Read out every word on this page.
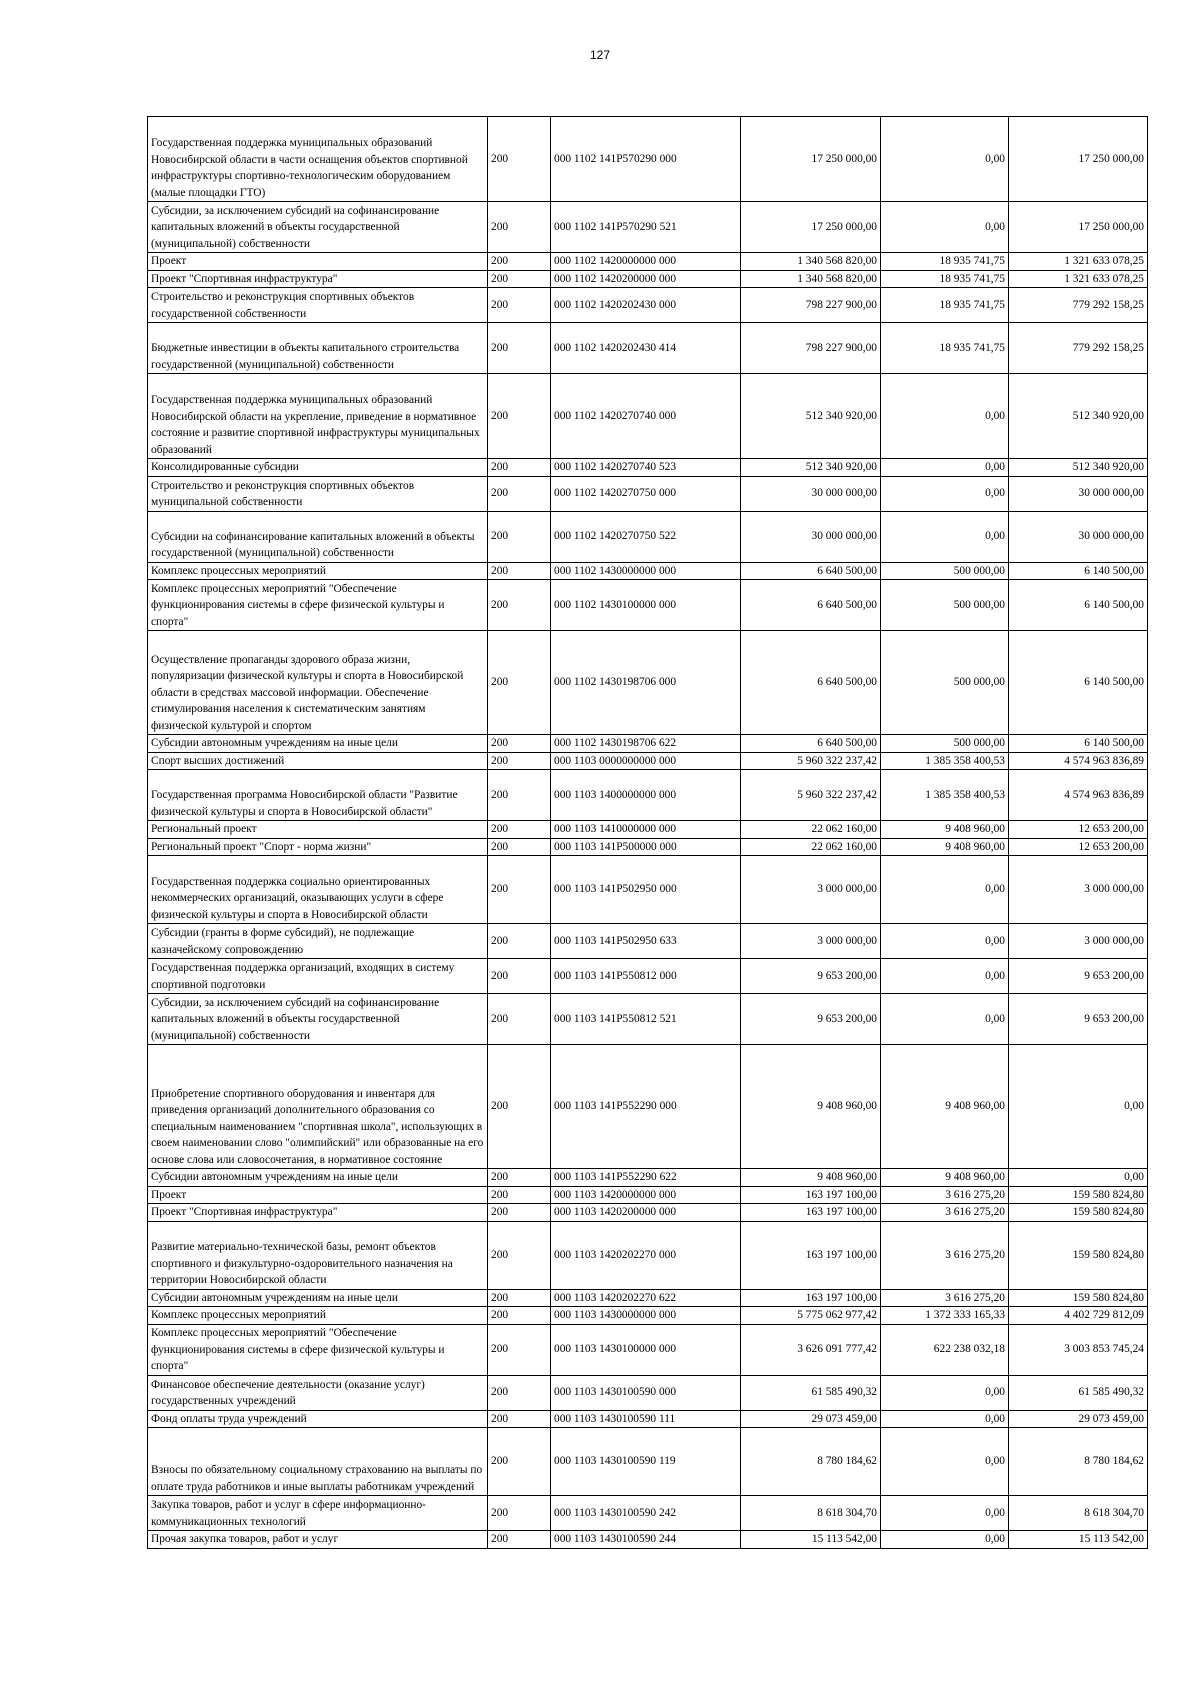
127
Государственная поддержка муниципальных образований Новосибирской области в части оснащения объектов спортивной инфраструктуры спортивно-технологическим оборудованием (малые площадки ГТО)	200	000 1102 141P570290 000	17 250 000,00	0,00	17 250 000,00
Субсидии, за исключением субсидий на софинансирование капитальных вложений в объекты государственной (муниципальной) собственности	200	000 1102 141P570290 521	17 250 000,00	0,00	17 250 000,00
Проект	200	000 1102 1420000000 000	1 340 568 820,00	18 935 741,75	1 321 633 078,25
Проект "Спортивная инфраструктура"	200	000 1102 1420200000 000	1 340 568 820,00	18 935 741,75	1 321 633 078,25
Строительство и реконструкция спортивных объектов государственной собственности	200	000 1102 1420202430 000	798 227 900,00	18 935 741,75	779 292 158,25
Бюджетные инвестиции в объекты капитального строительства государственной (муниципальной) собственности	200	000 1102 1420202430 414	798 227 900,00	18 935 741,75	779 292 158,25
Государственная поддержка муниципальных образований Новосибирской области на укрепление, приведение в нормативное состояние и развитие спортивной инфраструктуры муниципальных образований	200	000 1102 1420270740 000	512 340 920,00	0,00	512 340 920,00
Консолидированные субсидии	200	000 1102 1420270740 523	512 340 920,00	0,00	512 340 920,00
Строительство и реконструкция спортивных объектов муниципальной собственности	200	000 1102 1420270750 000	30 000 000,00	0,00	30 000 000,00
Субсидии на софинансирование капитальных вложений в объекты государственной (муниципальной) собственности	200	000 1102 1420270750 522	30 000 000,00	0,00	30 000 000,00
Комплекс процессных мероприятий	200	000 1102 1430000000 000	6 640 500,00	500 000,00	6 140 500,00
Комплекс процессных мероприятий "Обеспечение функционирования системы в сфере физической культуры и спорта"	200	000 1102 1430100000 000	6 640 500,00	500 000,00	6 140 500,00
Осуществление пропаганды здорового образа жизни, популяризации физической культуры и спорта в Новосибирской области в средствах массовой информации. Обеспечение стимулирования населения к систематическим занятиям физической культурой и спортом	200	000 1102 1430198706 000	6 640 500,00	500 000,00	6 140 500,00
Субсидии автономным учреждениям на иные цели	200	000 1102 1430198706 622	6 640 500,00	500 000,00	6 140 500,00
Спорт высших достижений	200	000 1103 0000000000 000	5 960 322 237,42	1 385 358 400,53	4 574 963 836,89
Государственная программа Новосибирской области "Развитие физической культуры и спорта в Новосибирской области"	200	000 1103 1400000000 000	5 960 322 237,42	1 385 358 400,53	4 574 963 836,89
Региональный проект	200	000 1103 1410000000 000	22 062 160,00	9 408 960,00	12 653 200,00
Региональный проект "Спорт - норма жизни"	200	000 1103 141P500000 000	22 062 160,00	9 408 960,00	12 653 200,00
Государственная поддержка социально ориентированных некоммерческих организаций, оказывающих услуги в сфере физической культуры и спорта в Новосибирской области	200	000 1103 141P502950 000	3 000 000,00	0,00	3 000 000,00
Субсидии (гранты в форме субсидий), не подлежащие казначейскому сопровождению	200	000 1103 141P502950 633	3 000 000,00	0,00	3 000 000,00
Государственная поддержка организаций, входящих в систему спортивной подготовки	200	000 1103 141P550812 000	9 653 200,00	0,00	9 653 200,00
Субсидии, за исключением субсидий на софинансирование капитальных вложений в объекты государственной (муниципальной) собственности	200	000 1103 141P550812 521	9 653 200,00	0,00	9 653 200,00
Приобретение спортивного оборудования и инвентаря для приведения организаций дополнительного образования со специальным наименованием "спортивная школа", использующих в своем наименовании слово "олимпийский" или образованные на его основе слова или словосочетания, в нормативное состояние	200	000 1103 141P552290 000	9 408 960,00	9 408 960,00	0,00
Субсидии автономным учреждениям на иные цели	200	000 1103 141P552290 622	9 408 960,00	9 408 960,00	0,00
Проект	200	000 1103 1420000000 000	163 197 100,00	3 616 275,20	159 580 824,80
Проект "Спортивная инфраструктура"	200	000 1103 1420200000 000	163 197 100,00	3 616 275,20	159 580 824,80
Развитие материально-технической базы, ремонт объектов спортивного и физкультурно-оздоровительного назначения на территории Новосибирской области	200	000 1103 1420202270 000	163 197 100,00	3 616 275,20	159 580 824,80
Субсидии автономным учреждениям на иные цели	200	000 1103 1420202270 622	163 197 100,00	3 616 275,20	159 580 824,80
Комплекс процессных мероприятий	200	000 1103 1430000000 000	5 775 062 977,42	1 372 333 165,33	4 402 729 812,09
Комплекс процессных мероприятий "Обеспечение функционирования системы в сфере физической культуры и спорта"	200	000 1103 1430100000 000	3 626 091 777,42	622 238 032,18	3 003 853 745,24
Финансовое обеспечение деятельности (оказание услуг) государственных учреждений	200	000 1103 1430100590 000	61 585 490,32	0,00	61 585 490,32
Фонд оплаты труда учреждений	200	000 1103 1430100590 111	29 073 459,00	0,00	29 073 459,00
Взносы по обязательному социальному страхованию на выплаты по оплате труда работников и иные выплаты работникам учреждений	200	000 1103 1430100590 119	8 780 184,62	0,00	8 780 184,62
Закупка товаров, работ и услуг в сфере информационно-коммуникационных технологий	200	000 1103 1430100590 242	8 618 304,70	0,00	8 618 304,70
Прочая закупка товаров, работ и услуг	200	000 1103 1430100590 244	15 113 542,00	0,00	15 113 542,00
